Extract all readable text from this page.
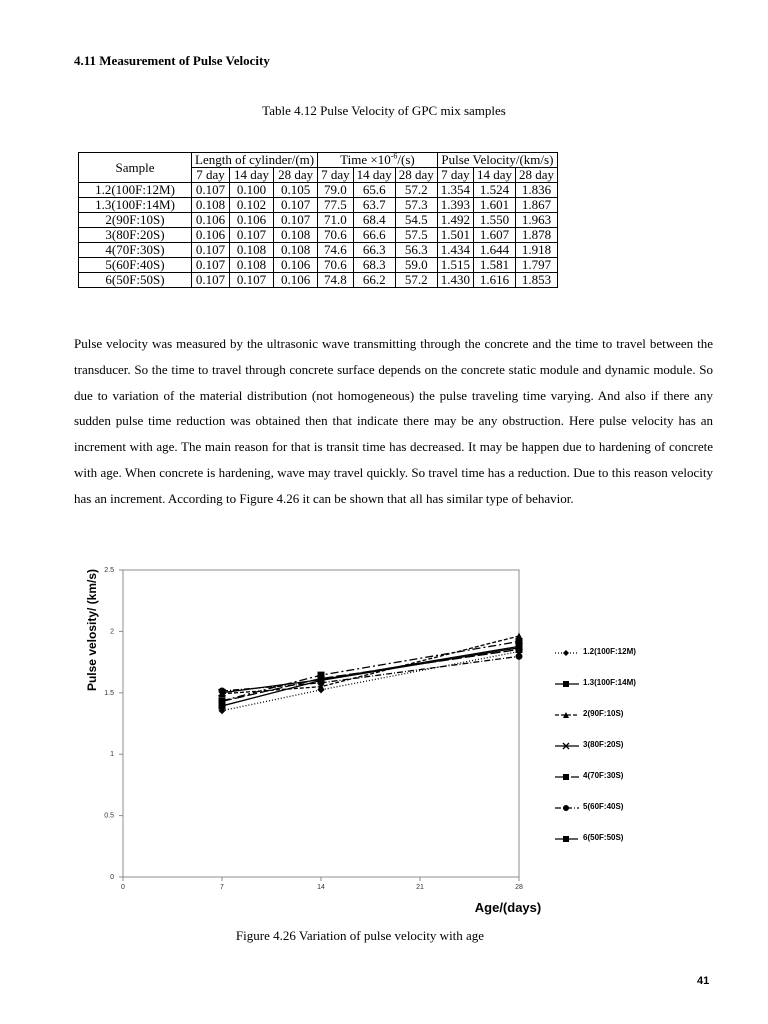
4.11 Measurement of Pulse Velocity

Table 4.12 Pulse Velocity of GPC mix samples

Sample	Length of cylinder/(m)			Time $\times 10^{-6}/(s)$			Pulse Velocity/(km/s)		
	7 day	14 day	28 day	7 day	14 day	28 day	7 day	14 day	28 day
1.2(100F:12M)	0.107	0.100	0.105	79.0	65.6	57.2	1.354	1.524	1.836
1.3(100F:14M)	0.108	0.102	0.107	77.5	63.7	57.3	1.393	1.601	1.867
2(90F:10S)	0.106	0.106	0.107	71.0	68.4	54.5	1.492	1.550	1.963
3(80F:20S)	0.106	0.107	0.108	70.6	66.6	57.5	1.501	1.607	1.878
4(70F:30S)	0.107	0.108	0.108	74.6	66.3	56.3	1.434	1.644	1.918
5(60F:40S)	0.107	0.108	0.106	70.6	68.3	59.0	1.515	1.581	1.797
6(50F:50S)	0.107	0.107	0.106	74.8	66.2	57.2	1.430	1.616	1.853

Pulse velocity was measured by the ultrasonic wave transmitting through the concrete and the time to travel between the transducer. So the time to travel through concrete surface depends on the concrete static module and dynamic module. So due to variation of the material distribution (not homogeneous) the pulse traveling time varying. And also if there any sudden pulse time reduction was obtained then that indicate there may be any obstruction. Here pulse velocity has an increment with age. The main reason for that is transit time has decreased. It may be happen due to hardening of concrete with age. When concrete is hardening, wave may travel quickly. So travel time has a reduction. Due to this reason velocity has an increment. According to Figure 4.26 it can be shown that all has similar type of behavior.

0
0.5
1
1.5
2
2.5
0	7	14	21	28
Age/(days)
Pulse velosity/ (km/s)	1.2(100F:12M)
1.3(100F:14M)
2(90F:10S)
3(80F:20S)
4(70F:30S)
5(60F:40S)
6(50F:50S)

Figure 4.26 Variation of pulse velocity with age

41
